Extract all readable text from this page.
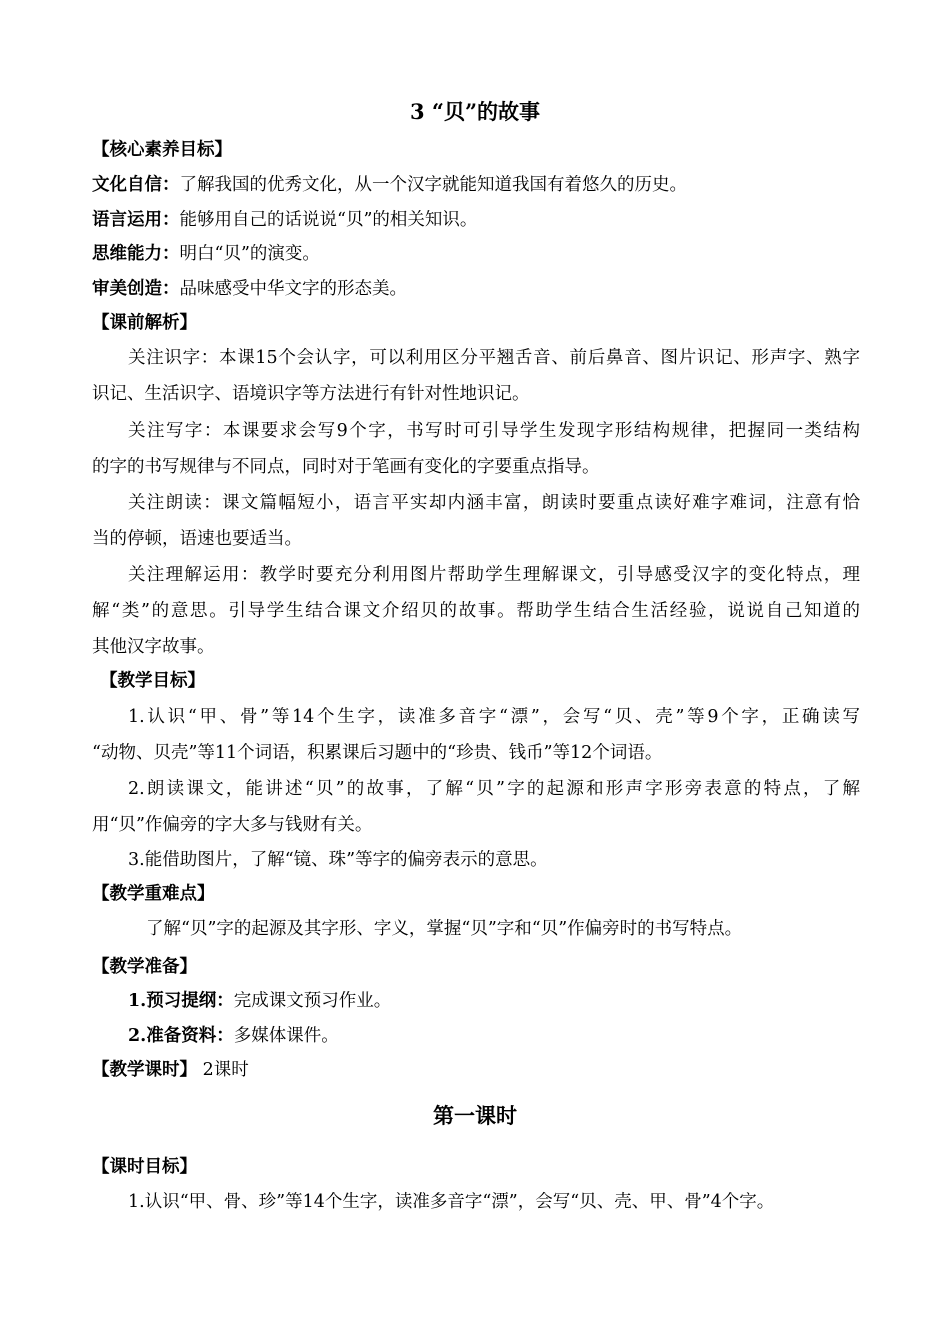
3 “贝”的故事
【核心素养目标】
文化自信：了解我国的优秀文化，从一个汉字就能知道我国有着悠久的历史。
语言运用：能够用自己的话说说“贝”的相关知识。
思维能力：明白“贝”的演变。
审美创造：品味感受中华文字的形态美。
【课前解析】
关注识字：本课15个会认字，可以利用区分平翘舌音、前后鼻音、图片识记、形声字、熟字
识记、生活识字、语境识字等方法进行有针对性地识记。
关注写字：本课要求会写9个字，书写时可引导学生发现字形结构规律，把握同一类结构
的字的书写规律与不同点，同时对于笔画有变化的字要重点指导。
关注朗读：课文篇幅短小，语言平实却内涵丰富，朗读时要重点读好难字难词，注意有恰
当的停顿，语速也要适当。
关注理解运用：教学时要充分利用图片帮助学生理解课文，引导感受汉字的变化特点，理
解“类”的意思。引导学生结合课文介绍贝的故事。帮助学生结合生活经验，说说自己知道的
其他汉字故事。
【教学目标】
1.认识“甲、骨”等14个生字，读准多音字“漂”，会写“贝、壳”等9个字，正确读写
“动物、贝壳”等11个词语，积累课后习题中的“珍贵、钱币”等12个词语。
2.朗读课文，能讲述“贝”的故事，了解“贝”字的起源和形声字形旁表意的特点，了解
用“贝”作偏旁的字大多与钱财有关。
3.能借助图片，了解“镜、珠”等字的偏旁表示的意思。
【教学重难点】
了解“贝”字的起源及其字形、字义，掌握“贝”字和“贝”作偏旁时的书写特点。
【教学准备】
1.预习提纲：完成课文预习作业。
2.准备资料：多媒体课件。
【教学课时】 2课时
第一课时
【课时目标】
1.认识“甲、骨、珍”等14个生字，读准多音字“漂”，会写“贝、壳、甲、骨”4个字。
